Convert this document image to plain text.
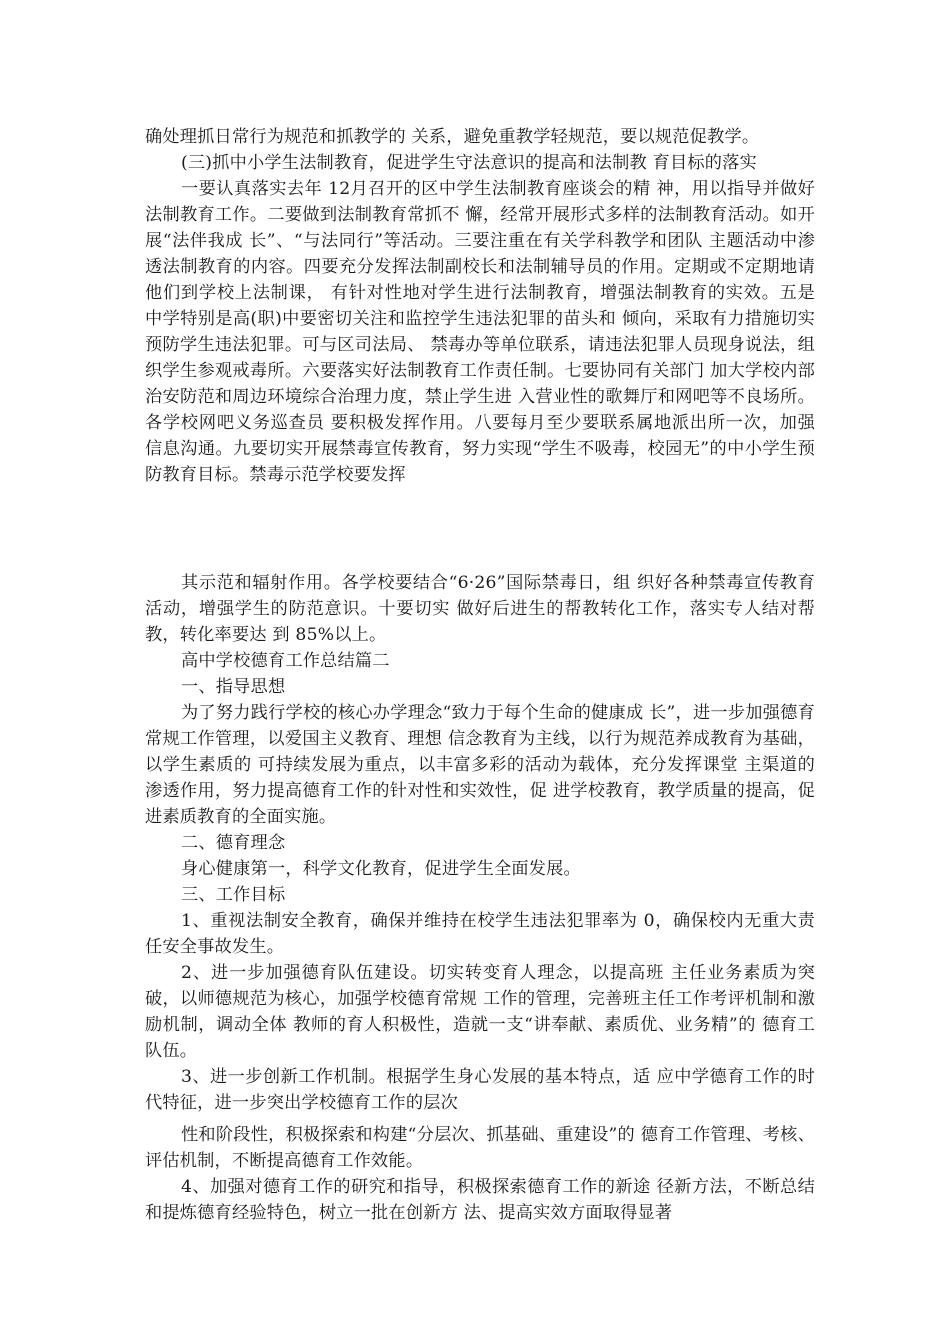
确处理抓日常行为规范和抓教学的 关系，避免重教学轻规范，要以规范促教学。

(三)抓中小学生法制教育，促进学生守法意识的提高和法制教 育目标的落实

一要认真落实去年 12月召开的区中学生法制教育座谈会的精 神，用以指导并做好法制教育工作。二要做到法制教育常抓不 懈，经常开展形式多样的法制教育活动。如开展“法伴我成 长”、“与法同行”等活动。三要注重在有关学科教学和团队 主题活动中渗透法制教育的内容。四要充分发挥法制副校长和法制辅导员的作用。定期或不定期地请他们到学校上法制课， 有针对性地对学生进行法制教育，增强法制教育的实效。五是 中学特别是高(职)中要密切关注和监控学生违法犯罪的苗头和 倾向，采取有力措施切实预防学生违法犯罪。可与区司法局、 禁毒办等单位联系，请违法犯罪人员现身说法，组织学生参观戒毒所。六要落实好法制教育工作责任制。七要协同有关部门 加大学校内部治安防范和周边环境综合治理力度，禁止学生进 入营业性的歌舞厅和网吧等不良场所。各学校网吧义务巡查员 要积极发挥作用。八要每月至少要联系属地派出所一次，加强 信息沟通。九要切实开展禁毒宣传教育，努力实现“学生不吸毒，校园无”的中小学生预防教育目标。禁毒示范学校要发挥

其示范和辐射作用。各学校要结合“6·26”国际禁毒日，组 织好各种禁毒宣传教育活动，增强学生的防范意识。十要切实 做好后进生的帮教转化工作，落实专人结对帮教，转化率要达 到 85%以上。

高中学校德育工作总结篇二

一、指导思想

为了努力践行学校的核心办学理念“致力于每个生命的健康成 长”，进一步加强德育常规工作管理，以爱国主义教育、理想 信念教育为主线，以行为规范养成教育为基础，以学生素质的 可持续发展为重点，以丰富多彩的活动为载体，充分发挥课堂 主渠道的渗透作用，努力提高德育工作的针对性和实效性，促 进学校教育，教学质量的提高，促进素质教育的全面实施。

二、德育理念

身心健康第一，科学文化教育，促进学生全面发展。

三、工作目标

1、重视法制安全教育，确保并维持在校学生违法犯罪率为 0，确保校内无重大责任安全事故发生。

2、进一步加强德育队伍建设。切实转变育人理念，以提高班 主任业务素质为突破，以师德规范为核心，加强学校德育常规 工作的管理，完善班主任工作考评机制和激励机制，调动全体 教师的育人积极性，造就一支“讲奉献、素质优、业务精”的 德育工队伍。

3、进一步创新工作机制。根据学生身心发展的基本特点，适 应中学德育工作的时代特征，进一步突出学校德育工作的层次

性和阶段性，积极探索和构建“分层次、抓基础、重建设”的 德育工作管理、考核、评估机制，不断提高德育工作效能。

4、加强对德育工作的研究和指导，积极探索德育工作的新途 径新方法，不断总结和提炼德育经验特色，树立一批在创新方 法、提高实效方面取得显著
